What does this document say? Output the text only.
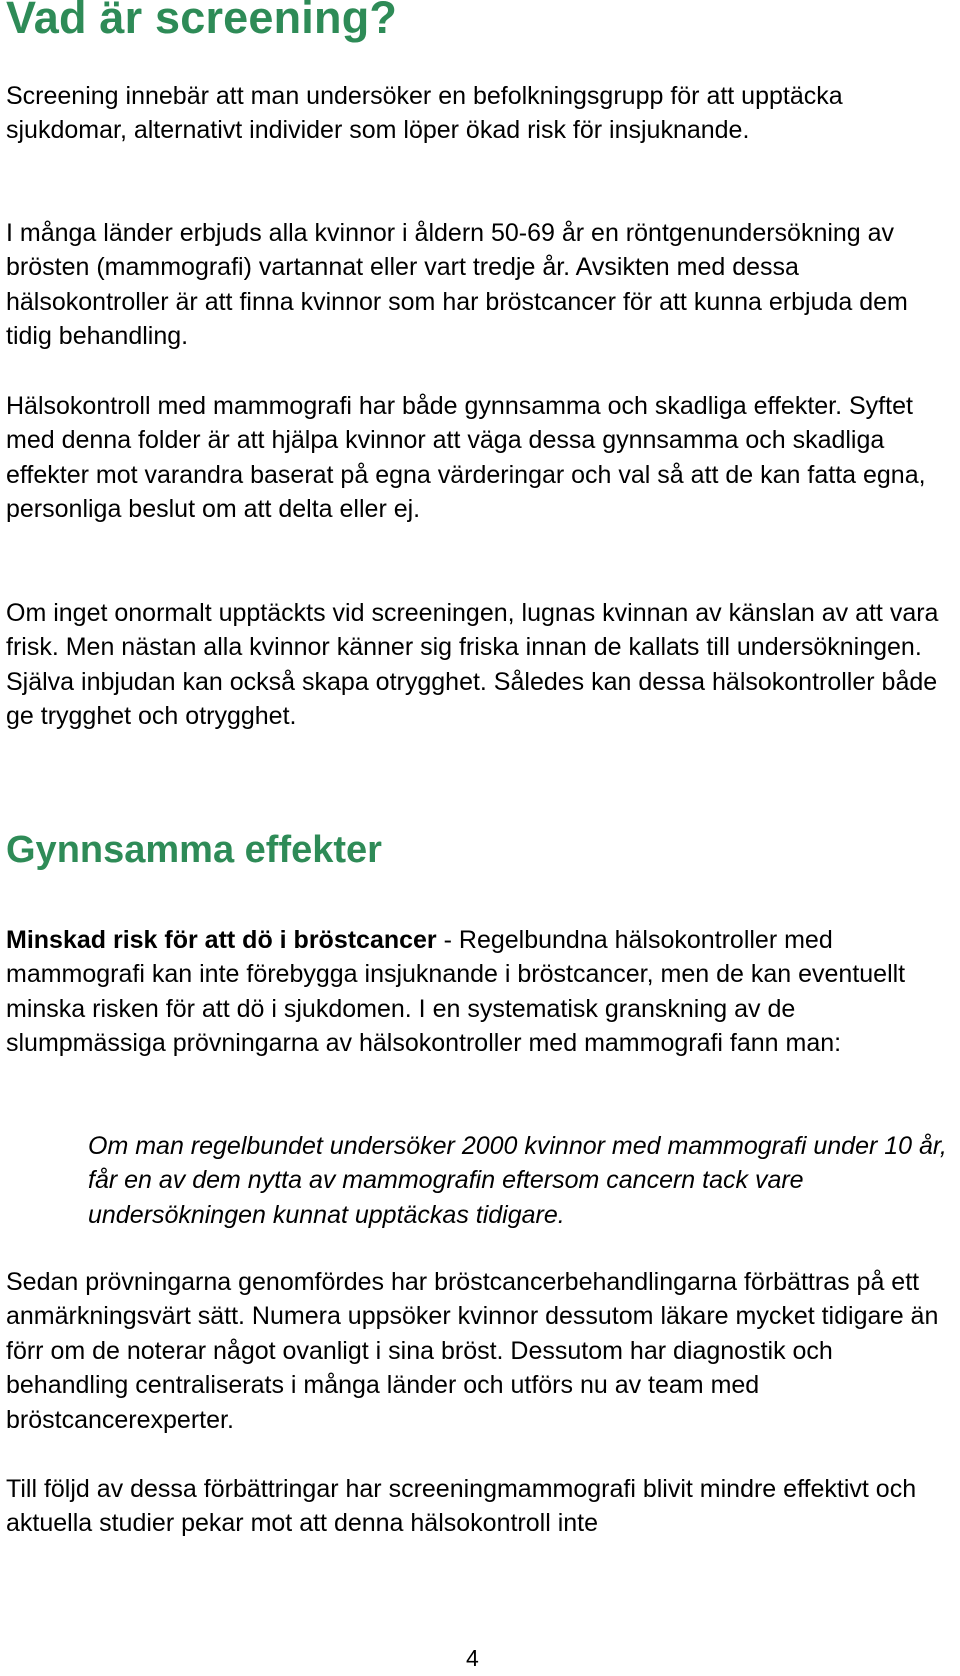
Vad är screening?

Screening innebär att man undersöker en befolkningsgrupp för att upptäcka sjukdomar, alternativt individer som löper ökad risk för insjuknande.

I många länder erbjuds alla kvinnor i åldern 50-69 år en röntgenundersökning av brösten (mammografi) vartannat eller vart tredje år. Avsikten med dessa hälsokontroller är att finna kvinnor som har bröstcancer för att kunna erbjuda dem tidig behandling.

Hälsokontroll med mammografi har både gynnsamma och skadliga effekter. Syftet med denna folder är att hjälpa kvinnor att väga dessa gynnsamma och skadliga effekter mot varandra baserat på egna värderingar och val så att de kan fatta egna, personliga beslut om att delta eller ej.

Om inget onormalt upptäckts vid screeningen, lugnas kvinnan av känslan av att vara frisk. Men nästan alla kvinnor känner sig friska innan de kallats till undersökningen. Själva inbjudan kan också skapa otrygghet. Således kan dessa hälsokontroller både ge trygghet och otrygghet.

Gynnsamma effekter

Minskad risk för att dö i bröstcancer - Regelbundna hälsokontroller med mammografi kan inte förebygga insjuknande i bröstcancer, men de kan eventuellt minska risken för att dö i sjukdomen. I en systematisk granskning av de slumpmässiga prövningarna av hälsokontroller med mammografi fann man:

Om man regelbundet undersöker 2000 kvinnor med mammografi under 10 år, får en av dem nytta av mammografin eftersom cancern tack vare undersökningen kunnat upptäckas tidigare.

Sedan prövningarna genomfördes har bröstcancerbehandlingarna förbättras på ett anmärkningsvärt sätt. Numera uppsöker kvinnor dessutom läkare mycket tidigare än förr om de noterar något ovanligt i sina bröst. Dessutom har diagnostik och behandling centraliserats i många länder och utförs nu av team med bröstcancerexperter.

Till följd av dessa förbättringar har screeningmammografi blivit mindre effektivt och aktuella studier pekar mot att denna hälsokontroll inte

4
